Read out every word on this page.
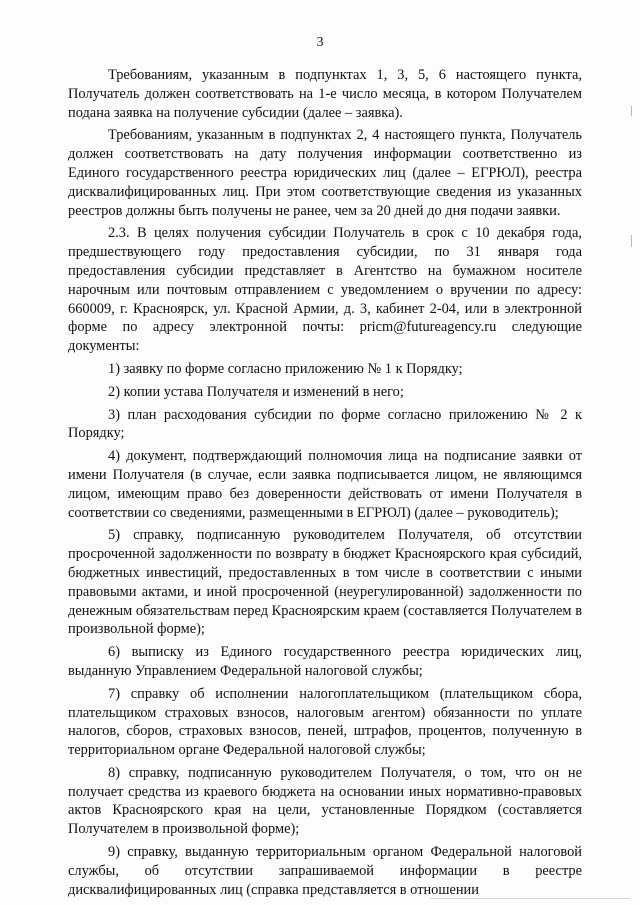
3

Требованиям, указанным в подпунктах 1, 3, 5, 6 настоящего пункта, Получатель должен соответствовать на 1-е число месяца, в котором Получателем подана заявка на получение субсидии (далее – заявка).

Требованиям, указанным в подпунктах 2, 4 настоящего пункта, Получатель должен соответствовать на дату получения информации соответственно из Единого государственного реестра юридических лиц (далее – ЕГРЮЛ), реестра дисквалифицированных лиц. При этом соответствующие сведения из указанных реестров должны быть получены не ранее, чем за 20 дней до дня подачи заявки.

2.3. В целях получения субсидии Получатель в срок с 10 декабря года, предшествующего году предоставления субсидии, по 31 января года предоставления субсидии представляет в Агентство на бумажном носителе нарочным или почтовым отправлением с уведомлением о вручении по адресу: 660009, г. Красноярск, ул. Красной Армии, д. 3, кабинет 2-04, или в электронной форме по адресу электронной почты: pricm@futureagency.ru следующие документы:

1) заявку по форме согласно приложению № 1 к Порядку;

2) копии устава Получателя и изменений в него;

3) план расходования субсидии по форме согласно приложению № 2 к Порядку;

4) документ, подтверждающий полномочия лица на подписание заявки от имени Получателя (в случае, если заявка подписывается лицом, не являющимся лицом, имеющим право без доверенности действовать от имени Получателя в соответствии со сведениями, размещенными в ЕГРЮЛ) (далее – руководитель);

5) справку, подписанную руководителем Получателя, об отсутствии просроченной задолженности по возврату в бюджет Красноярского края субсидий, бюджетных инвестиций, предоставленных в том числе в соответствии с иными правовыми актами, и иной просроченной (неурегулированной) задолженности по денежным обязательствам перед Красноярским краем (составляется Получателем в произвольной форме);

6) выписку из Единого государственного реестра юридических лиц, выданную Управлением Федеральной налоговой службы;

7) справку об исполнении налогоплательщиком (плательщиком сбора, плательщиком страховых взносов, налоговым агентом) обязанности по уплате налогов, сборов, страховых взносов, пеней, штрафов, процентов, полученную в территориальном органе Федеральной налоговой службы;

8) справку, подписанную руководителем Получателя, о том, что он не получает средства из краевого бюджета на основании иных нормативно-правовых актов Красноярского края на цели, установленные Порядком (составляется Получателем в произвольной форме);

9) справку, выданную территориальным органом Федеральной налоговой службы, об отсутствии запрашиваемой информации в реестре дисквалифицированных лиц (справка представляется в отношении
